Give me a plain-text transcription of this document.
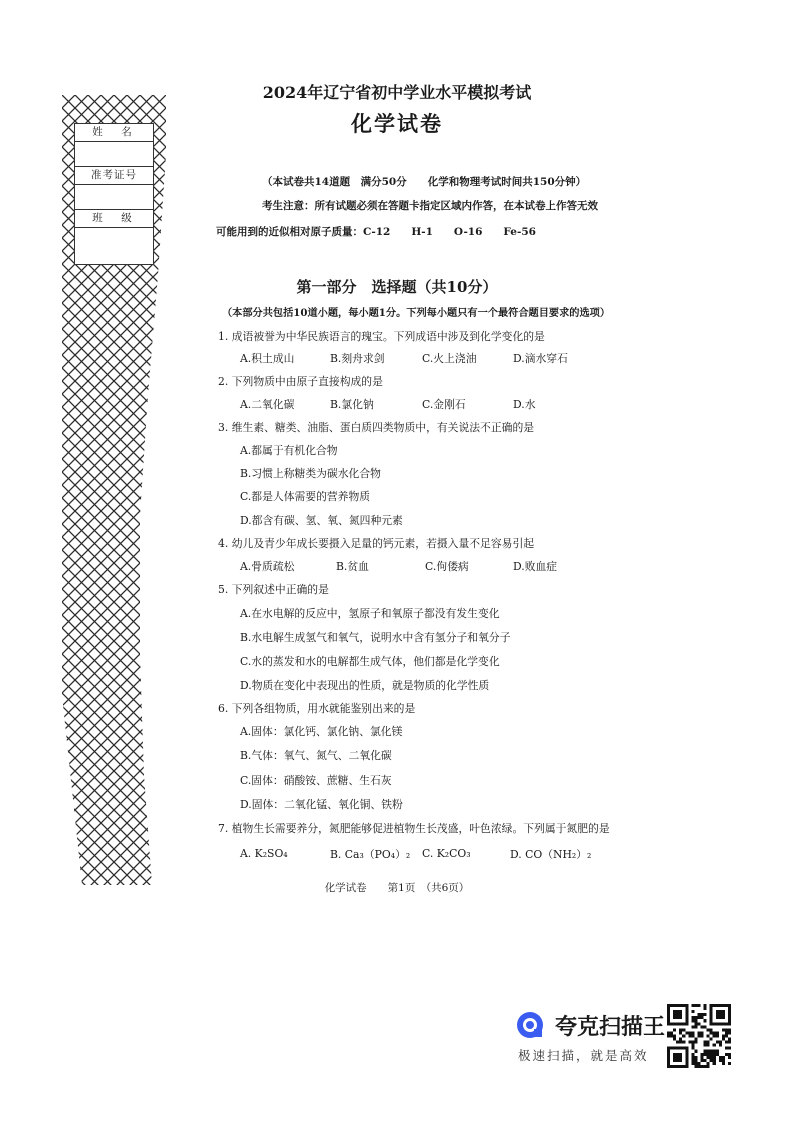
姓　名
准考证号
班　级
2024年辽宁省初中学业水平模拟考试
化学试卷
（本试卷共14道题　满分50分　　化学和物理考试时间共150分钟）
考生注意：所有试题必须在答题卡指定区域内作答，在本试卷上作答无效
可能用到的近似相对原子质量：C-12　　H-1　　O-16　　Fe-56
第一部分　选择题（共10分）
（本部分共包括10道小题，每小题1分。下列每小题只有一个最符合题目要求的选项）
1. 成语被誉为中华民族语言的瑰宝。下列成语中涉及到化学变化的是
A.积土成山	B.刻舟求剑	C.火上浇油	D.滴水穿石
2. 下列物质中由原子直接构成的是
A.二氧化碳	B.氯化钠	C.金刚石	D.水
3. 维生素、糖类、油脂、蛋白质四类物质中，有关说法不正确的是
A.都属于有机化合物
B.习惯上称糖类为碳水化合物
C.都是人体需要的营养物质
D.都含有碳、氢、氧、氮四种元素
4. 幼儿及青少年成长要摄入足量的钙元素，若摄入量不足容易引起
A.骨质疏松	B.贫血	C.佝偻病	D.败血症
5. 下列叙述中正确的是
A.在水电解的反应中，氢原子和氧原子都没有发生变化
B.水电解生成氢气和氧气，说明水中含有氢分子和氧分子
C.水的蒸发和水的电解都生成气体，他们都是化学变化
D.物质在变化中表现出的性质，就是物质的化学性质
6. 下列各组物质，用水就能鉴别出来的是
A.固体：氯化钙、氯化钠、氯化镁
B.气体：氧气、氮气、二氧化碳
C.固体：硝酸铵、蔗糖、生石灰
D.固体：二氧化锰、氧化铜、铁粉
7. 植物生长需要养分，氮肥能够促进植物生长茂盛，叶色浓绿。下列属于氮肥的是
A. K₂SO₄	B. Ca₃（PO₄）₂ C. K₂CO₃	D. CO（NH₂）₂
化学试卷　　第1页　（共6页）
夸克扫描王
极速扫描，就是高效
